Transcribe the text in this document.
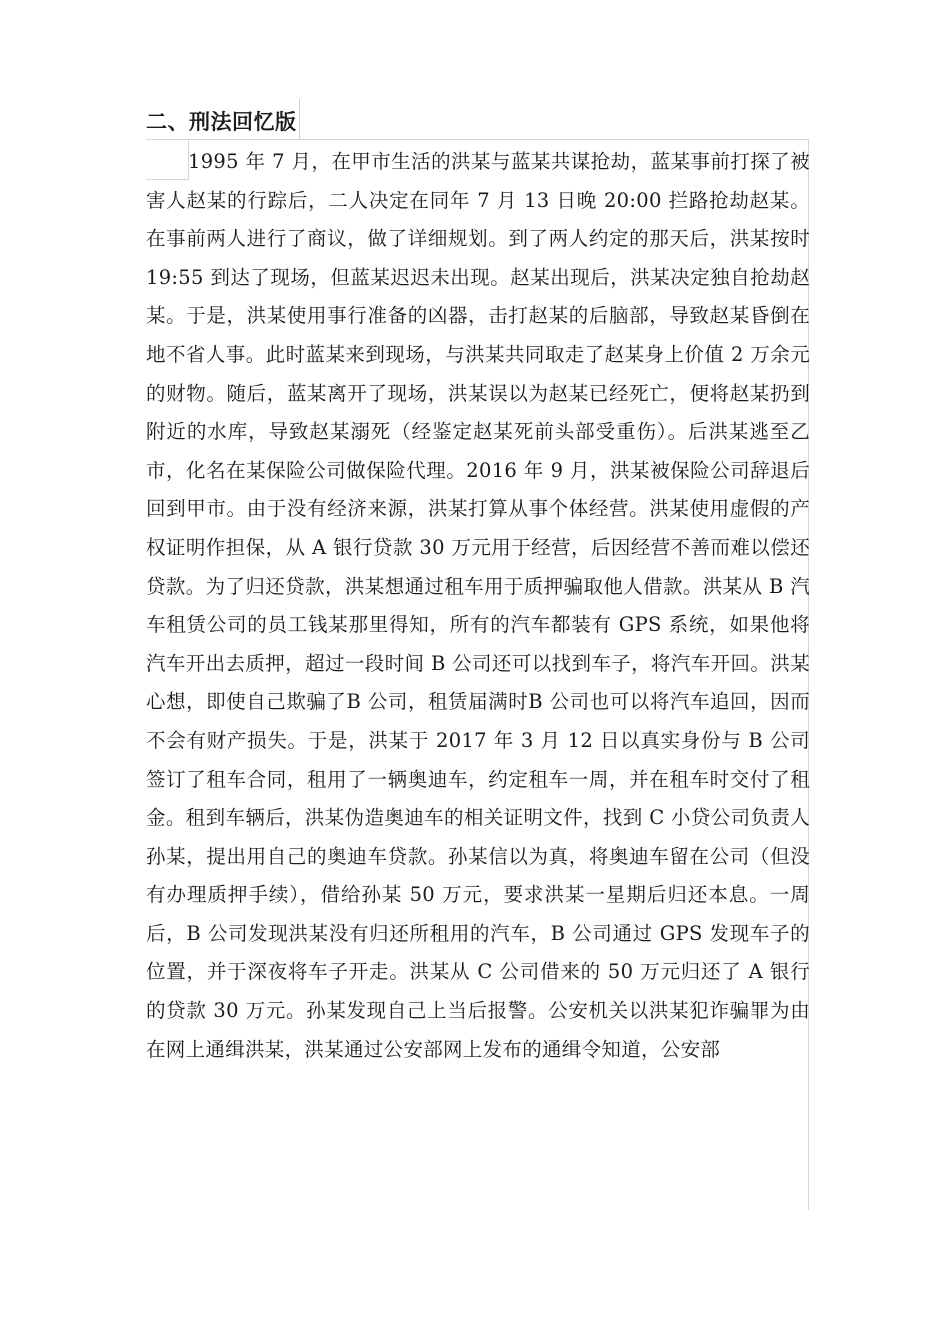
二、刑法回忆版

1995 年 7 月，在甲市生活的洪某与蓝某共谋抢劫，蓝某事前打探了被害人赵某的行踪后，二人决定在同年 7 月 13 日晚 20:00 拦路抢劫赵某。在事前两人进行了商议，做了详细规划。到了两人约定的那天后，洪某按时 19:55 到达了现场，但蓝某迟迟未出现。赵某出现后，洪某决定独自抢劫赵某。于是，洪某使用事行准备的凶器，击打赵某的后脑部，导致赵某昏倒在地不省人事。此时蓝某来到现场，与洪某共同取走了赵某身上价值 2 万余元的财物。随后，蓝某离开了现场，洪某误以为赵某已经死亡，便将赵某扔到附近的水库，导致赵某溺死（经鉴定赵某死前头部受重伤）。后洪某逃至乙市，化名在某保险公司做保险代理。2016 年 9 月，洪某被保险公司辞退后回到甲市。由于没有经济来源，洪某打算从事个体经营。洪某使用虚假的产权证明作担保，从 A 银行贷款 30 万元用于经营，后因经营不善而难以偿还贷款。为了归还贷款，洪某想通过租车用于质押骗取他人借款。洪某从 B 汽车租赁公司的员工钱某那里得知，所有的汽车都装有 GPS 系统，如果他将汽车开出去质押，超过一段时间 B 公司还可以找到车子，将汽车开回。洪某心想，即使自己欺骗了B 公司，租赁届满时B 公司也可以将汽车追回，因而不会有财产损失。于是，洪某于 2017 年 3 月 12 日以真实身份与 B 公司签订了租车合同，租用了一辆奥迪车，约定租车一周，并在租车时交付了租金。租到车辆后，洪某伪造奥迪车的相关证明文件，找到 C 小贷公司负责人孙某，提出用自己的奥迪车贷款。孙某信以为真，将奥迪车留在公司（但没有办理质押手续），借给孙某 50 万元，要求洪某一星期后归还本息。一周后，B 公司发现洪某没有归还所租用的汽车，B 公司通过 GPS 发现车子的位置，并于深夜将车子开走。洪某从 C 公司借来的 50 万元归还了 A 银行的贷款 30 万元。孙某发现自己上当后报警。公安机关以洪某犯诈骗罪为由在网上通缉洪某，洪某通过公安部网上发布的通缉令知道，公安部
